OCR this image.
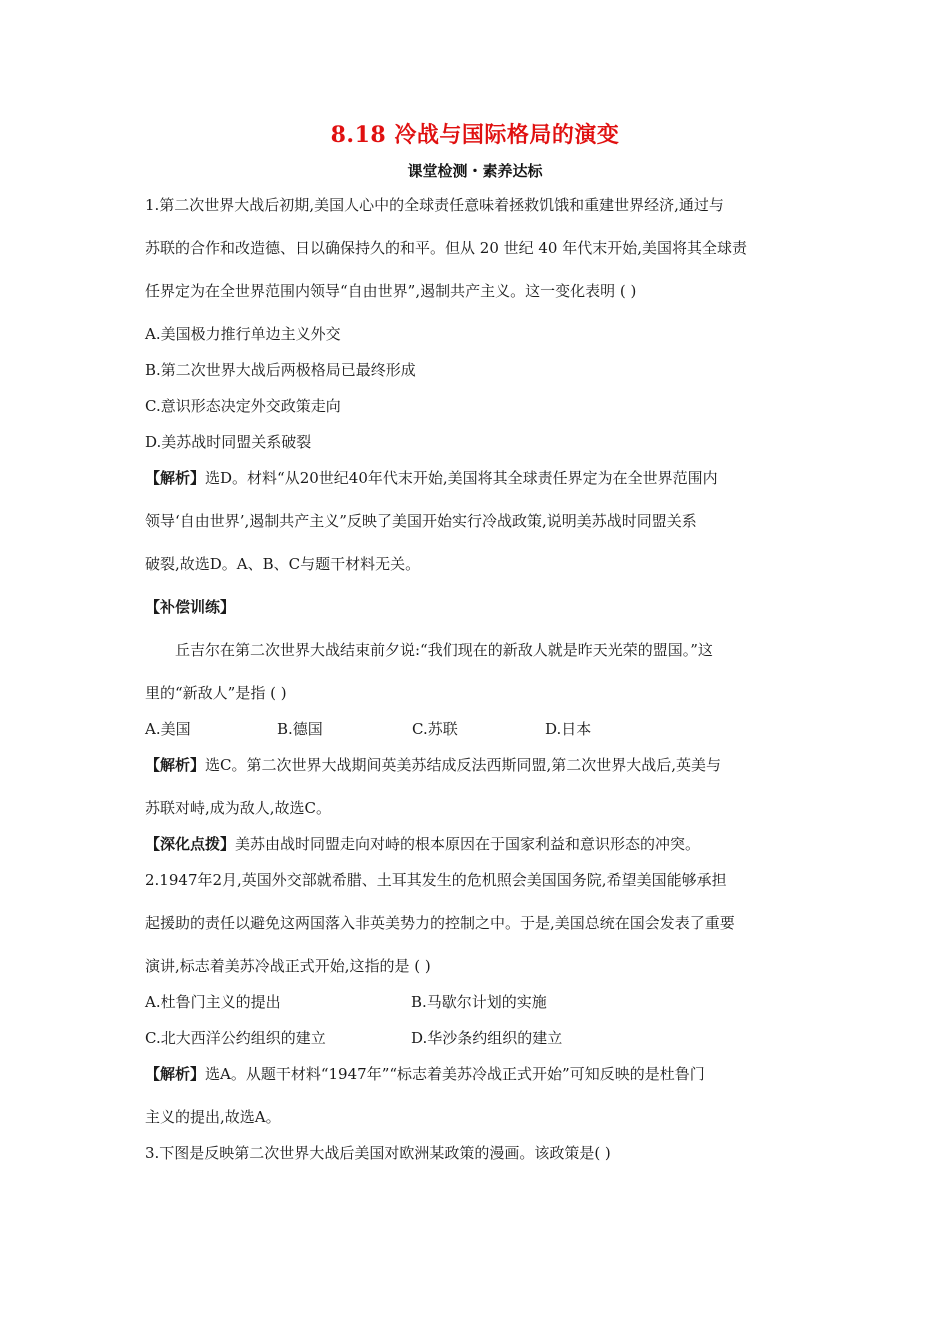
8.18 冷战与国际格局的演变
课堂检测・素养达标
1.第二次世界大战后初期,美国人心中的全球责任意味着拯救饥饿和重建世界经济,通过与
苏联的合作和改造德、日以确保持久的和平。但从 20 世纪 40 年代末开始,美国将其全球责
任界定为在全世界范围内领导“自由世界”,遏制共产主义。这一变化表明 ( )
A.美国极力推行单边主义外交
B.第二次世界大战后两极格局已最终形成
C.意识形态决定外交政策走向
D.美苏战时同盟关系破裂
【解析】选D。材料“从20世纪40年代末开始,美国将其全球责任界定为在全世界范围内
领导‘自由世界’,遏制共产主义”反映了美国开始实行冷战政策,说明美苏战时同盟关系
破裂,故选D。A、B、C与题干材料无关。
【补偿训练】
丘吉尔在第二次世界大战结束前夕说:“我们现在的新敌人就是昨天光荣的盟国。”这
里的“新敌人”是指 ( )
A.美国	B.德国	C.苏联	D.日本
【解析】选C。第二次世界大战期间英美苏结成反法西斯同盟,第二次世界大战后,英美与
苏联对峙,成为敌人,故选C。
【深化点拨】美苏由战时同盟走向对峙的根本原因在于国家利益和意识形态的冲突。
2.1947年2月,英国外交部就希腊、土耳其发生的危机照会美国国务院,希望美国能够承担
起援助的责任以避免这两国落入非英美势力的控制之中。于是,美国总统在国会发表了重要
演讲,标志着美苏冷战正式开始,这指的是 ( )
A.杜鲁门主义的提出	B.马歇尔计划的实施
C.北大西洋公约组织的建立	D.华沙条约组织的建立
【解析】选A。从题干材料“1947年”“标志着美苏冷战正式开始”可知反映的是杜鲁门
主义的提出,故选A。
3.下图是反映第二次世界大战后美国对欧洲某政策的漫画。该政策是( )
